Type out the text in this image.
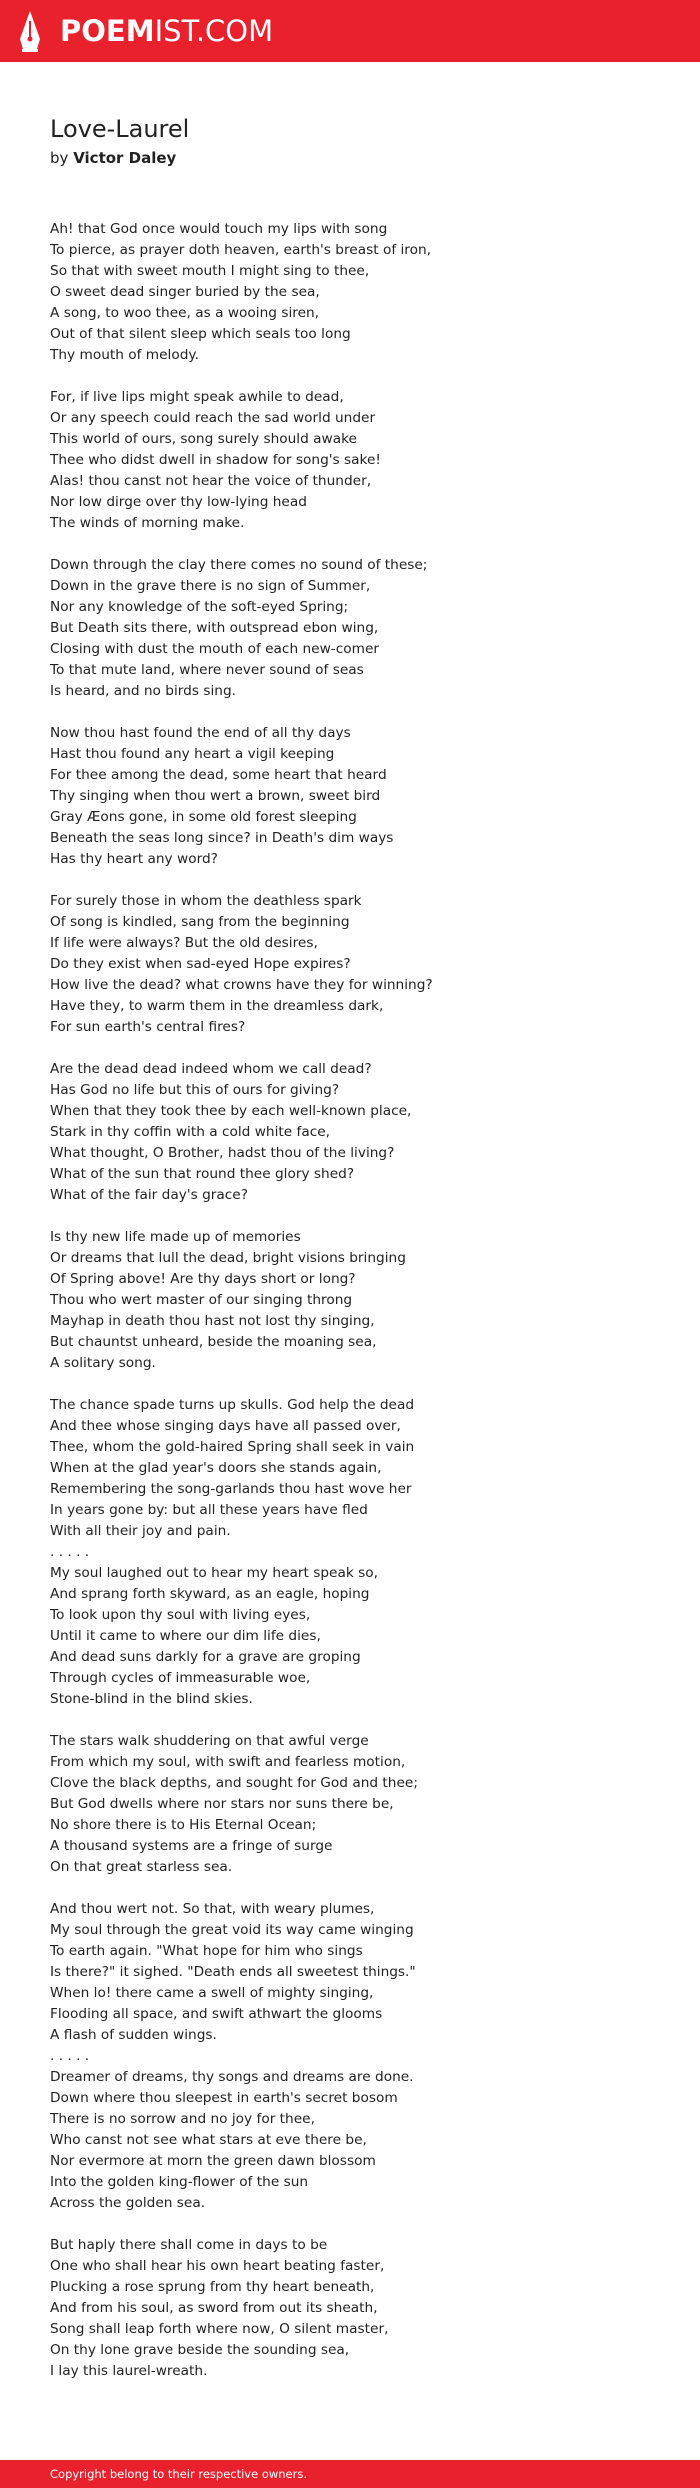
POEMIST.COM
Love-Laurel
by Victor Daley
Ah! that God once would touch my lips with song
To pierce, as prayer doth heaven, earth's breast of iron,
So that with sweet mouth I might sing to thee,
O sweet dead singer buried by the sea,
A song, to woo thee, as a wooing siren,
Out of that silent sleep which seals too long
Thy mouth of melody.
For, if live lips might speak awhile to dead,
Or any speech could reach the sad world under
This world of ours, song surely should awake
Thee who didst dwell in shadow for song's sake!
Alas! thou canst not hear the voice of thunder,
Nor low dirge over thy low-lying head
The winds of morning make.
Down through the clay there comes no sound of these;
Down in the grave there is no sign of Summer,
Nor any knowledge of the soft-eyed Spring;
But Death sits there, with outspread ebon wing,
Closing with dust the mouth of each new-comer
To that mute land, where never sound of seas
Is heard, and no birds sing.
Now thou hast found the end of all thy days
Hast thou found any heart a vigil keeping
For thee among the dead, some heart that heard
Thy singing when thou wert a brown, sweet bird
Gray Æons gone, in some old forest sleeping
Beneath the seas long since? in Death's dim ways
Has thy heart any word?
For surely those in whom the deathless spark
Of song is kindled, sang from the beginning
If life were always? But the old desires,
Do they exist when sad-eyed Hope expires?
How live the dead? what crowns have they for winning?
Have they, to warm them in the dreamless dark,
For sun earth's central fires?
Are the dead dead indeed whom we call dead?
Has God no life but this of ours for giving?
When that they took thee by each well-known place,
Stark in thy coffin with a cold white face,
What thought, O Brother, hadst thou of the living?
What of the sun that round thee glory shed?
What of the fair day's grace?
Is thy new life made up of memories
Or dreams that lull the dead, bright visions bringing
Of Spring above! Are thy days short or long?
Thou who wert master of our singing throng
Mayhap in death thou hast not lost thy singing,
But chauntst unheard, beside the moaning sea,
A solitary song.
The chance spade turns up skulls. God help the dead
And thee whose singing days have all passed over,
Thee, whom the gold-haired Spring shall seek in vain
When at the glad year's doors she stands again,
Remembering the song-garlands thou hast wove her
In years gone by: but all these years have fled
With all their joy and pain.
. . . . .
My soul laughed out to hear my heart speak so,
And sprang forth skyward, as an eagle, hoping
To look upon thy soul with living eyes,
Until it came to where our dim life dies,
And dead suns darkly for a grave are groping
Through cycles of immeasurable woe,
Stone-blind in the blind skies.
The stars walk shuddering on that awful verge
From which my soul, with swift and fearless motion,
Clove the black depths, and sought for God and thee;
But God dwells where nor stars nor suns there be,
No shore there is to His Eternal Ocean;
A thousand systems are a fringe of surge
On that great starless sea.
And thou wert not. So that, with weary plumes,
My soul through the great void its way came winging
To earth again. "What hope for him who sings
Is there?" it sighed. "Death ends all sweetest things."
When lo! there came a swell of mighty singing,
Flooding all space, and swift athwart the glooms
A flash of sudden wings.
. . . . .
Dreamer of dreams, thy songs and dreams are done.
Down where thou sleepest in earth's secret bosom
There is no sorrow and no joy for thee,
Who canst not see what stars at eve there be,
Nor evermore at morn the green dawn blossom
Into the golden king-flower of the sun
Across the golden sea.
But haply there shall come in days to be
One who shall hear his own heart beating faster,
Plucking a rose sprung from thy heart beneath,
And from his soul, as sword from out its sheath,
Song shall leap forth where now, O silent master,
On thy lone grave beside the sounding sea,
I lay this laurel-wreath.
Copyright belong to their respective owners.
